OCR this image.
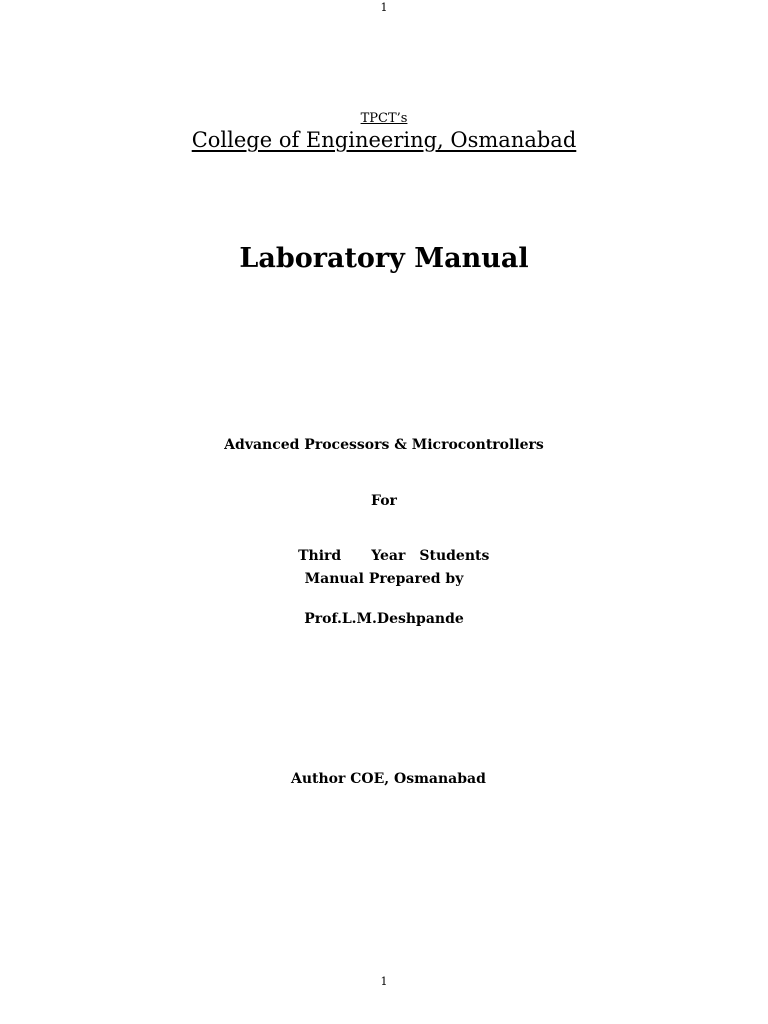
1
TPCT’s
College of Engineering, Osmanabad
Laboratory Manual
Advanced Processors & Microcontrollers
For

Third Year Students

Manual Prepared by
Prof.L.M.Deshpande
Author COE, Osmanabad
1
